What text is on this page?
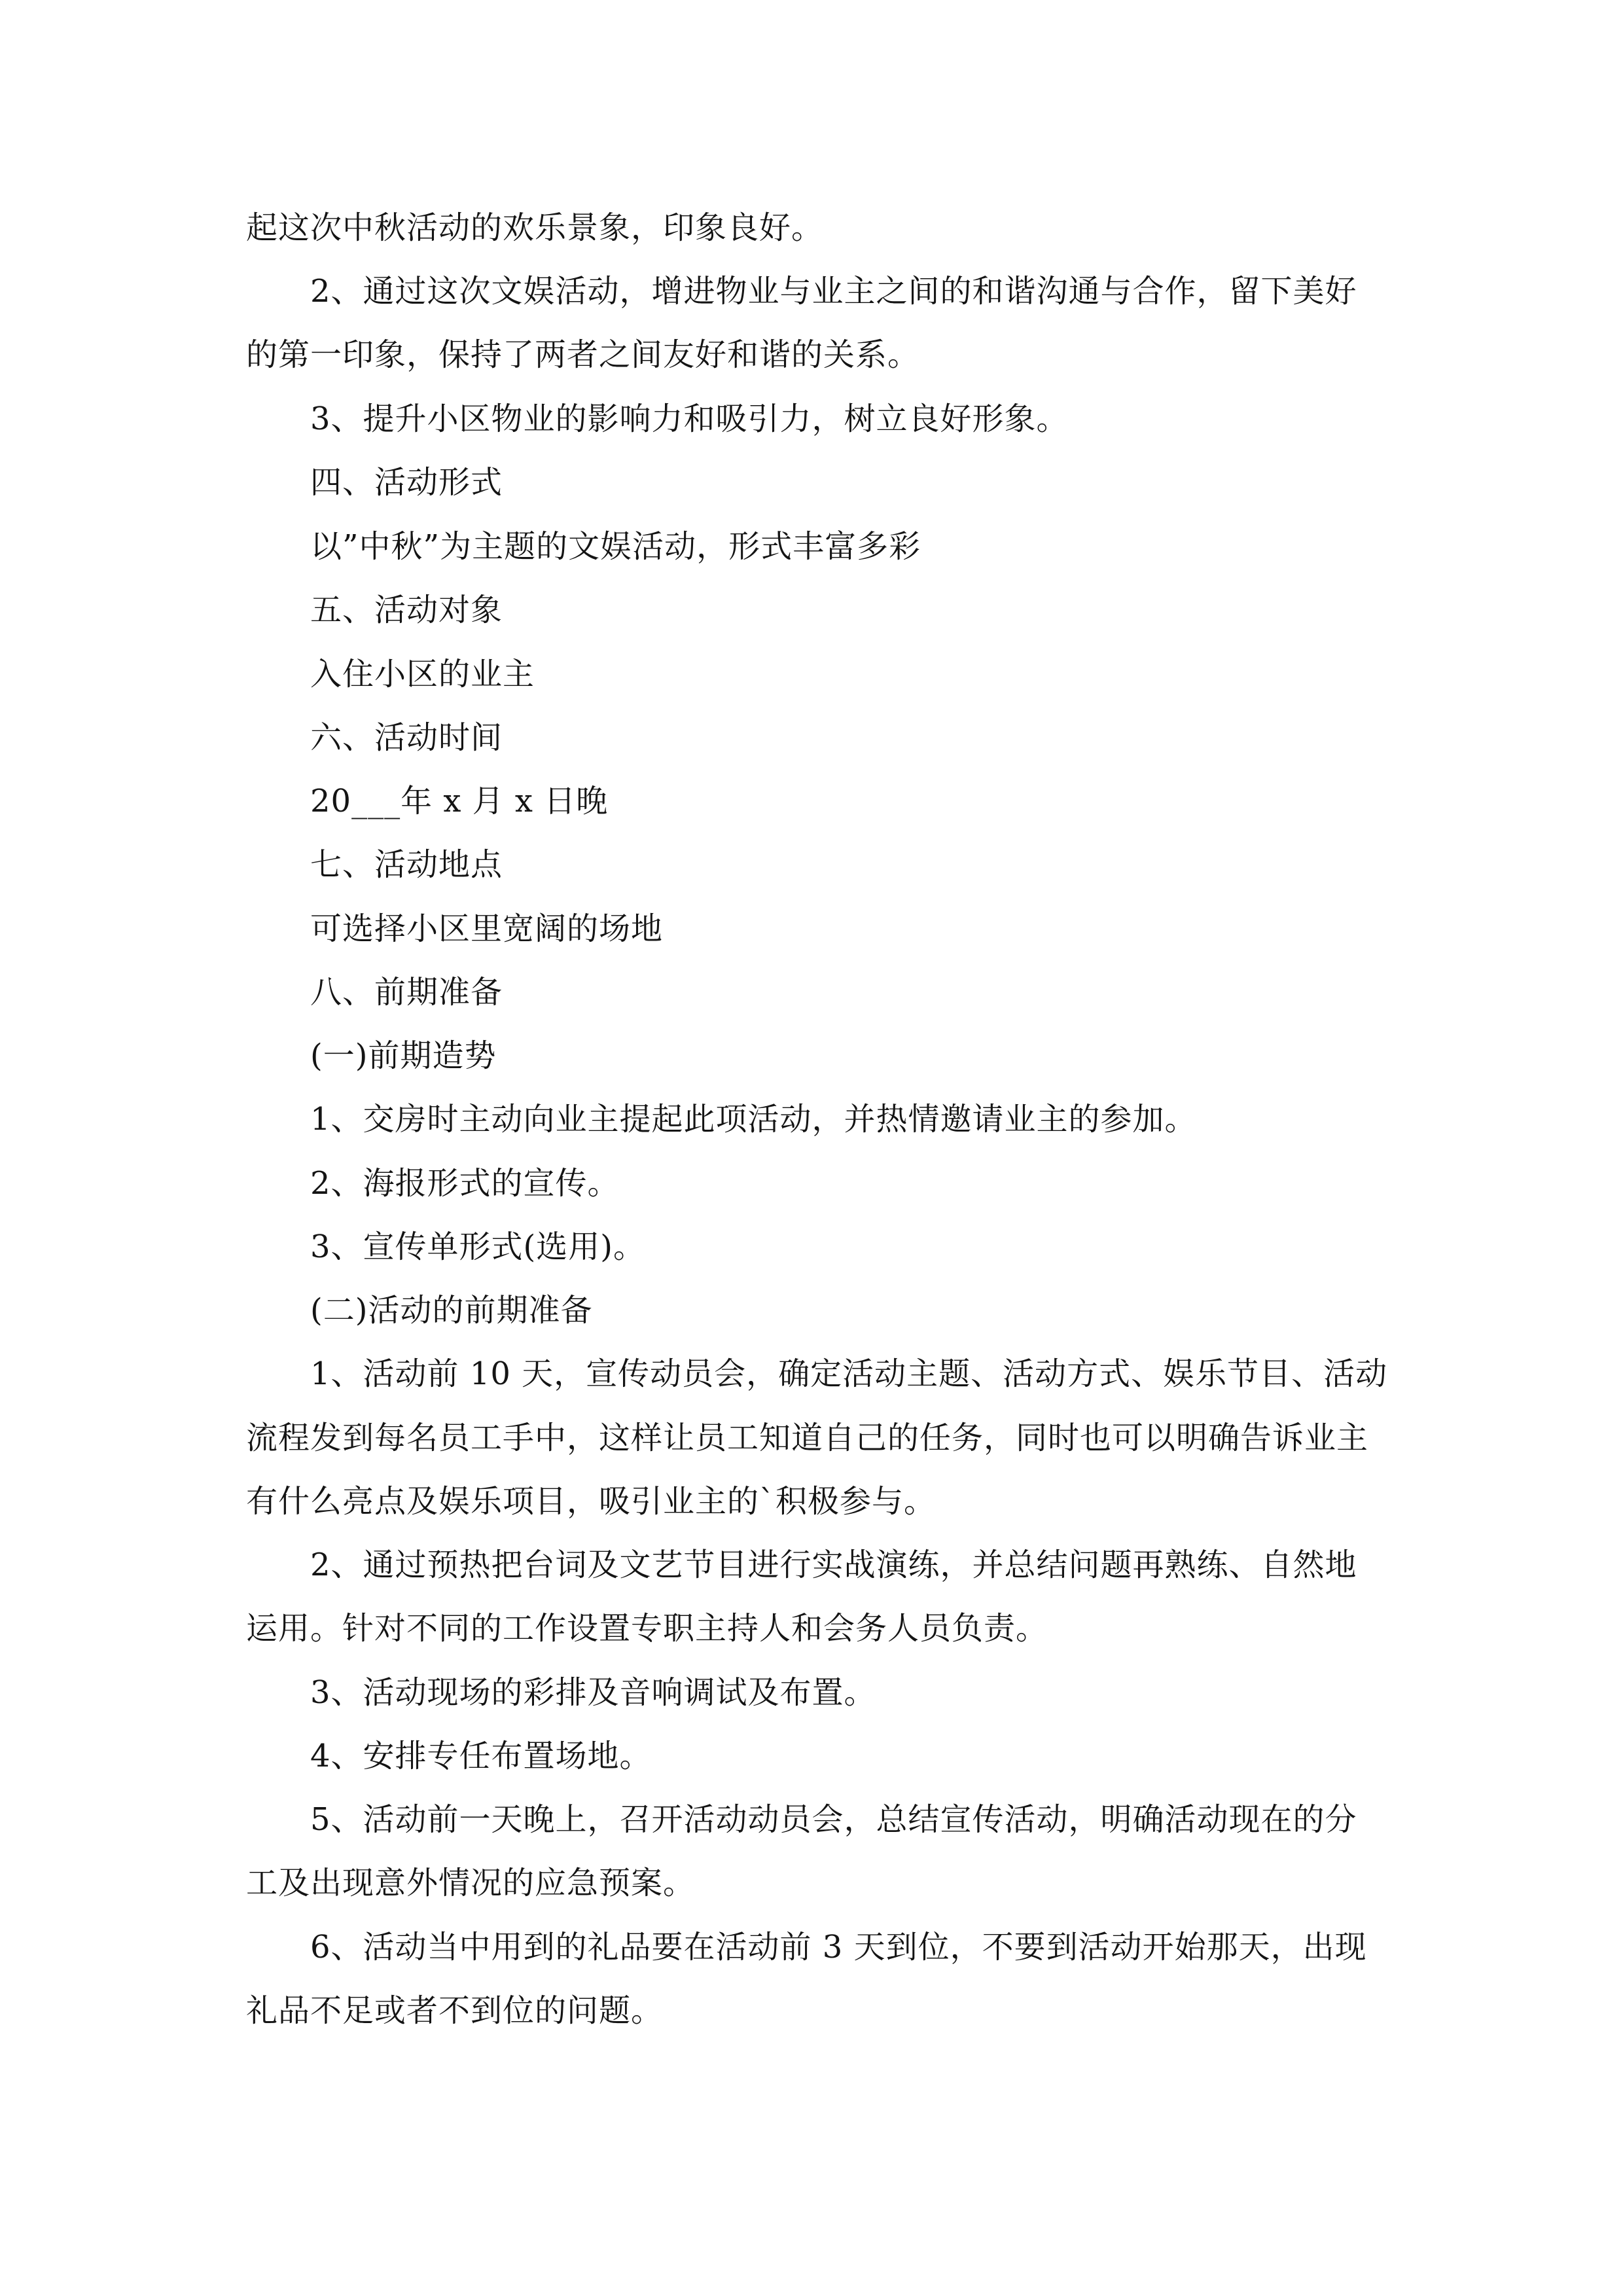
起这次中秋活动的欢乐景象，印象良好。
2、通过这次文娱活动，增进物业与业主之间的和谐沟通与合作，留下美好
的第一印象，保持了两者之间友好和谐的关系。
3、提升小区物业的影响力和吸引力，树立良好形象。
四、活动形式
以”中秋”为主题的文娱活动，形式丰富多彩
五、活动对象
入住小区的业主
六、活动时间
20___年 x 月 x 日晚
七、活动地点
可选择小区里宽阔的场地
八、前期准备
(一)前期造势
1、交房时主动向业主提起此项活动，并热情邀请业主的参加。
2、海报形式的宣传。
3、宣传单形式(选用)。
(二)活动的前期准备
1、活动前 10 天，宣传动员会，确定活动主题、活动方式、娱乐节目、活动
流程发到每名员工手中，这样让员工知道自己的任务，同时也可以明确告诉业主
有什么亮点及娱乐项目，吸引业主的`积极参与。
2、通过预热把台词及文艺节目进行实战演练，并总结问题再熟练、自然地
运用。针对不同的工作设置专职主持人和会务人员负责。
3、活动现场的彩排及音响调试及布置。
4、安排专任布置场地。
5、活动前一天晚上，召开活动动员会，总结宣传活动，明确活动现在的分
工及出现意外情况的应急预案。
6、活动当中用到的礼品要在活动前 3 天到位，不要到活动开始那天，出现
礼品不足或者不到位的问题。
